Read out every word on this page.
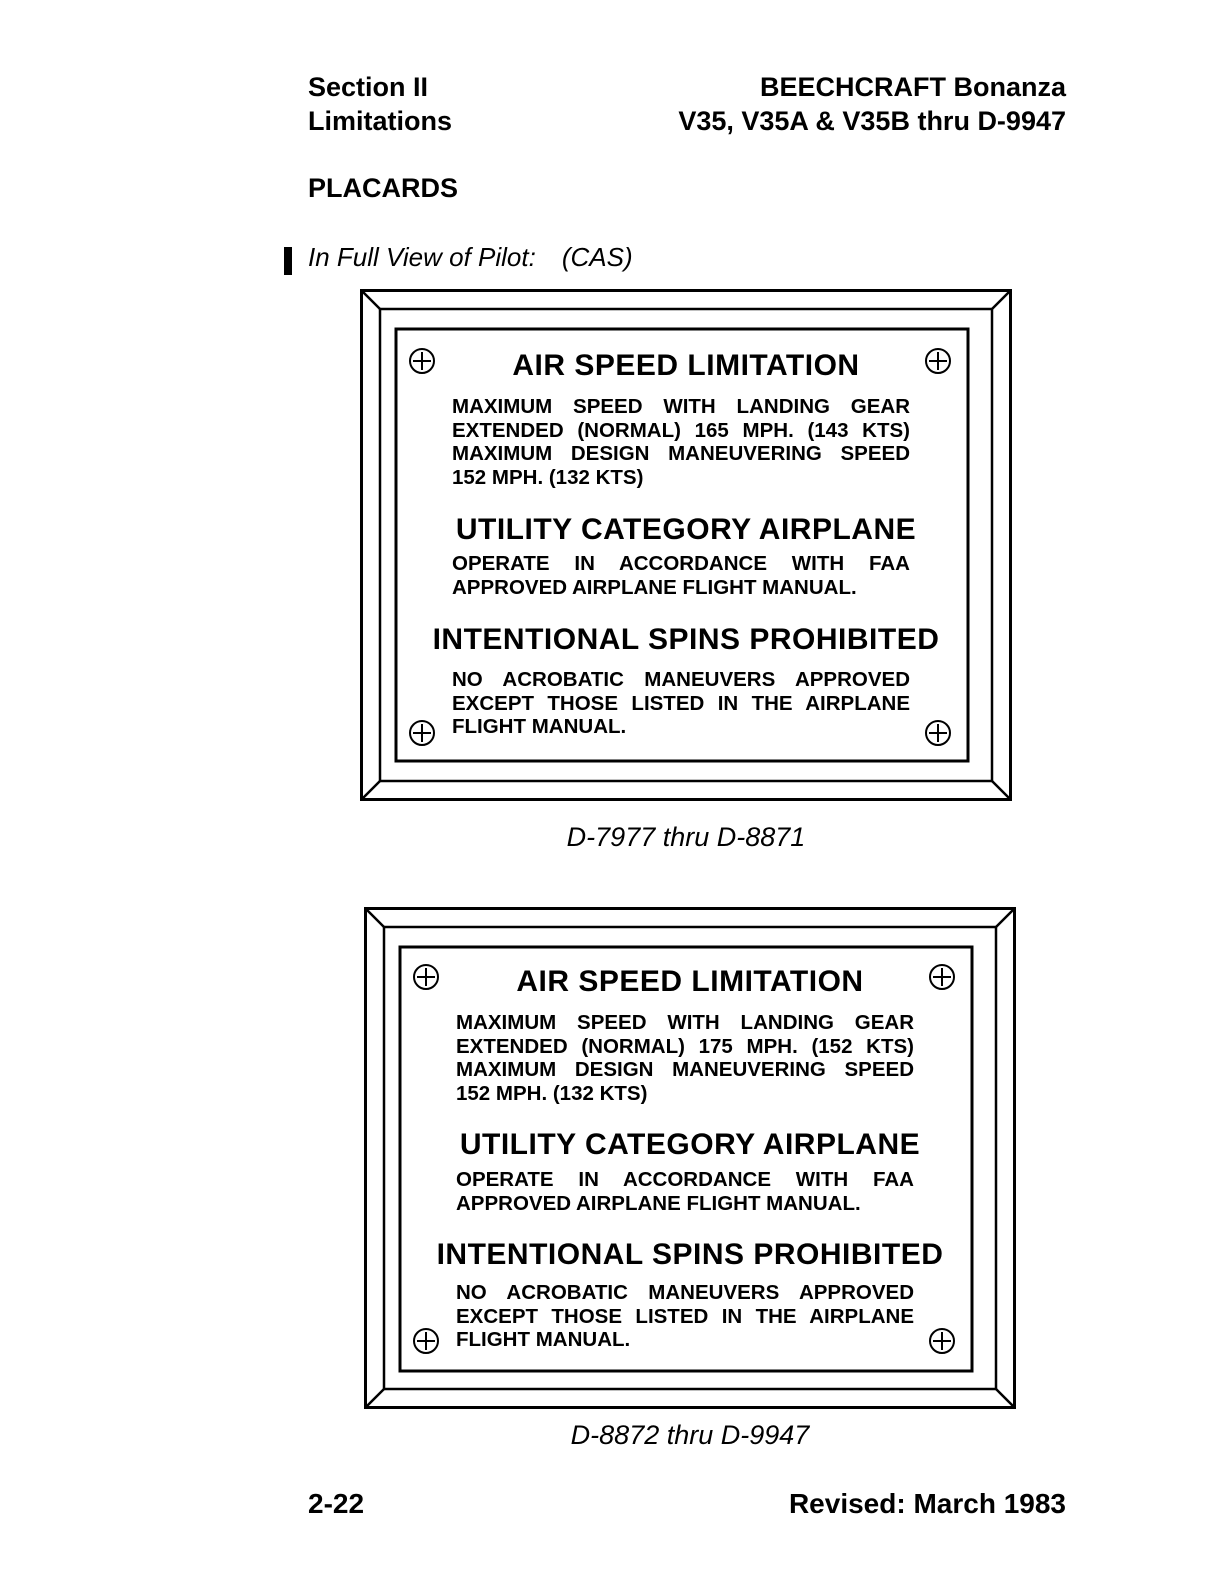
Section II
Limitations
BEECHCRAFT Bonanza
V35, V35A & V35B thru D-9947
PLACARDS
In Full View of Pilot: (CAS)
AIR SPEED LIMITATION
MAXIMUM SPEED WITH LANDING GEAR EXTENDED (NORMAL) 165 MPH. (143 KTS) MAXIMUM DESIGN MANEUVERING SPEED 152 MPH. (132 KTS)
UTILITY CATEGORY AIRPLANE
OPERATE IN ACCORDANCE WITH FAA APPROVED AIRPLANE FLIGHT MANUAL.
INTENTIONAL SPINS PROHIBITED
NO ACROBATIC MANEUVERS APPROVED EXCEPT THOSE LISTED IN THE AIRPLANE FLIGHT MANUAL.
D-7977 thru D-8871
AIR SPEED LIMITATION
MAXIMUM SPEED WITH LANDING GEAR EXTENDED (NORMAL) 175 MPH. (152 KTS) MAXIMUM DESIGN MANEUVERING SPEED 152 MPH. (132 KTS)
UTILITY CATEGORY AIRPLANE
OPERATE IN ACCORDANCE WITH FAA APPROVED AIRPLANE FLIGHT MANUAL.
INTENTIONAL SPINS PROHIBITED
NO ACROBATIC MANEUVERS APPROVED EXCEPT THOSE LISTED IN THE AIRPLANE FLIGHT MANUAL.
D-8872 thru D-9947
2-22	Revised: March 1983
